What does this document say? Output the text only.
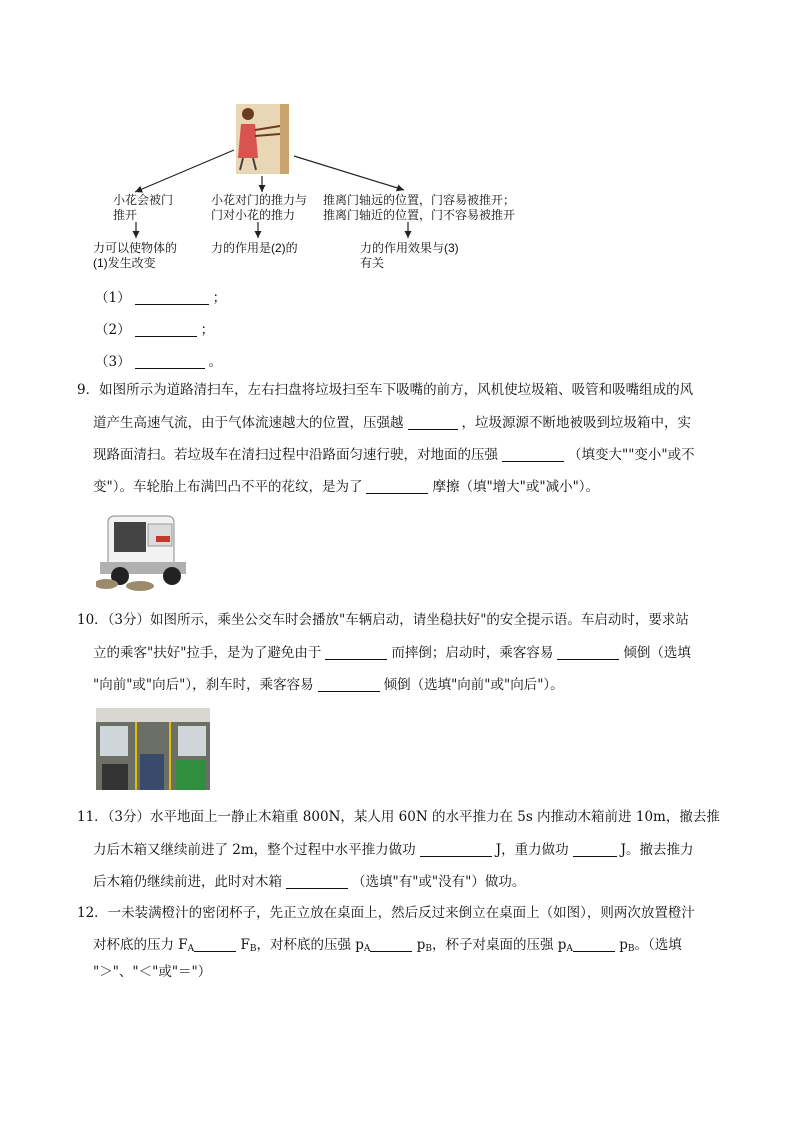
小花会被门
推开
小花对门的推力与
门对小花的推力
推离门轴远的位置，门容易被推开；
推离门轴近的位置，门不容易被推开
力可以使物体的
(1)发生改变
力的作用是(2)的	力的作用效果与(3)
有关
（1）	；
（2）	；
（3）	。
9．如图所示为道路清扫车，左右扫盘将垃圾扫至车下吸嘴的前方，风机使垃圾箱、吸管和吸嘴组成的风
道产生高速气流，由于气体流速越大的位置，压强越	，垃圾源源不断地被吸到垃圾箱中，实
现路面清扫。若垃圾车在清扫过程中沿路面匀速行驶，对地面的压强	（填变大""变小"或不
变"）。车轮胎上布满凹凸不平的花纹，是为了	摩擦（填"增大"或"减小"）。
10．（3分）如图所示，乘坐公交车时会播放"车辆启动，请坐稳扶好"的安全提示语。车启动时，要求站
立的乘客"扶好"拉手，是为了避免由于	而摔倒；启动时，乘客容易	倾倒（选填
"向前"或"向后"），刹车时，乘客容易	倾倒（选填"向前"或"向后"）。
11．（3分）水平地面上一静止木箱重 800N，某人用 60N 的水平推力在 5s 内推动木箱前进 10m，撤去推
力后木箱又继续前进了 2m，整个过程中水平推力做功	J，重力做功	J。撤去推力
后木箱仍继续前进，此时对木箱	（选填"有"或"没有"）做功。
12．一未装满橙汁的密闭杯子，先正立放在桌面上，然后反过来倒立在桌面上（如图），则两次放置橙汁
对杯底的压力 $F_A$	$F_B$，对杯底的压强 $p_A$	$p_B$，杯子对桌面的压强 $p_A$	$p_B$。（选填
"＞"、"＜"或"＝"）
